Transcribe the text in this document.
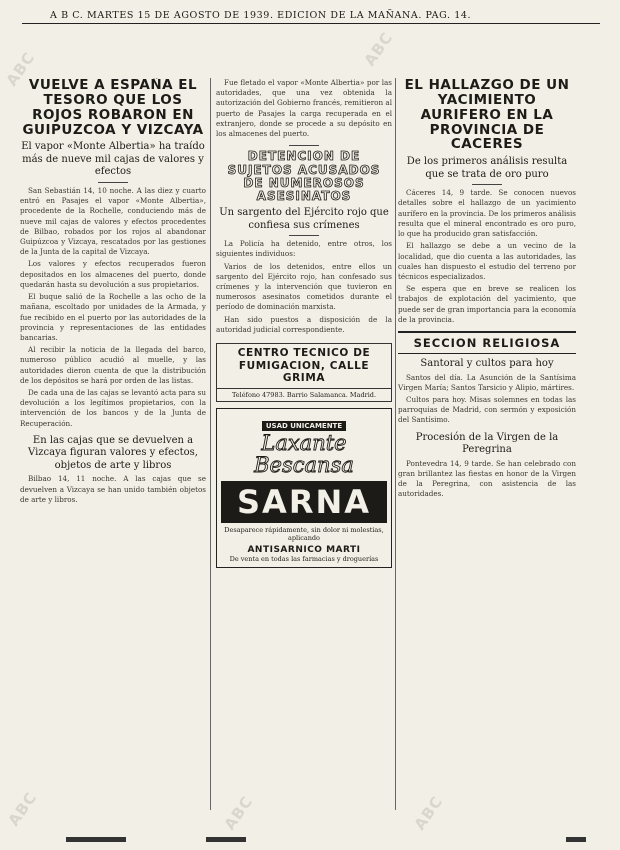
ABC	ABC
ABC	ABC	ABC
A B C. MARTES 15 DE AGOSTO DE 1939. EDICION DE LA MAÑANA. PAG. 14.
VUELVE A ESPAÑA EL TESORO QUE LOS ROJOS ROBARON EN GUIPUZCOA Y VIZCAYA
El vapor «Monte Albertia» ha traído más de nueve mil cajas de valores y efectos

San Sebastián 14, 10 noche. A las diez y cuarto entró en Pasajes el vapor «Monte Albertia», procedente de la Rochelle, conduciendo más de nueve mil cajas de valores y efectos procedentes de Bilbao, robados por los rojos al abandonar Guipúzcoa y Vizcaya, rescatados por las gestiones de la Junta de la capital de Vizcaya.

Los valores y efectos recuperados fueron depositados en los almacenes del puerto, donde quedarán hasta su devolución a sus propietarios.

El buque salió de la Rochelle a las ocho de la mañana, escoltado por unidades de la Armada, y fue recibido en el puerto por las autoridades de la provincia y representaciones de las entidades bancarias.

Al recibir la noticia de la llegada del barco, numeroso público acudió al muelle, y las autoridades dieron cuenta de que la distribución de los depósitos se hará por orden de las listas.

De cada una de las cajas se levantó acta para su devolución a los legítimos propietarios, con la intervención de los bancos y de la Junta de Recuperación.

En las cajas que se devuelven a Vizcaya figuran valores y efectos, objetos de arte y libros

Bilbao 14, 11 noche. A las cajas que se devuelven a Vizcaya se han unido también objetos de arte y libros.

Fue fletado el vapor «Monte Albertia» por las autoridades, que una vez obtenida la autorización del Gobierno francés, remitieron al puerto de Pasajes la carga recuperada en el extranjero, donde se procede a su depósito en los almacenes del puerto.

DETENCION DE SUJETOS ACUSADOS DE NUMEROSOS ASESINATOS
Un sargento del Ejército rojo que confiesa sus crímenes

La Policía ha detenido, entre otros, los siguientes individuos:

Varios de los detenidos, entre ellos un sargento del Ejército rojo, han confesado sus crímenes y la intervención que tuvieron en numerosos asesinatos cometidos durante el período de dominación marxista.

Han sido puestos a disposición de la autoridad judicial correspondiente.

CENTRO TECNICO DE FUMIGACION, CALLE GRIMA
Teléfono 47983. Barrio Salamanca. Madrid.
USAD UNICAMENTE
Laxante Bescansa
SARNA
Desaparece rápidamente, sin dolor ni molestias, aplicando
ANTISARNICO MARTI
De venta en todas las farmacias y droguerías
EL HALLAZGO DE UN YACIMIENTO AURIFERO EN LA PROVINCIA DE CACERES
De los primeros análisis resulta que se trata de oro puro

Cáceres 14, 9 tarde. Se conocen nuevos detalles sobre el hallazgo de un yacimiento aurífero en la provincia. De los primeros análisis resulta que el mineral encontrado es oro puro, lo que ha producido gran satisfacción.

El hallazgo se debe a un vecino de la localidad, que dio cuenta a las autoridades, las cuales han dispuesto el estudio del terreno por técnicos especializados.

Se espera que en breve se realicen los trabajos de explotación del yacimiento, que puede ser de gran importancia para la economía de la provincia.

SECCION RELIGIOSA
Santoral y cultos para hoy

Santos del día. La Asunción de la Santísima Virgen María; Santos Tarsicio y Alipio, mártires.

Cultos para hoy. Misas solemnes en todas las parroquias de Madrid, con sermón y exposición del Santísimo.

Procesión de la Virgen de la Peregrina

Pontevedra 14, 9 tarde. Se han celebrado con gran brillantez las fiestas en honor de la Virgen de la Peregrina, con asistencia de las autoridades.
